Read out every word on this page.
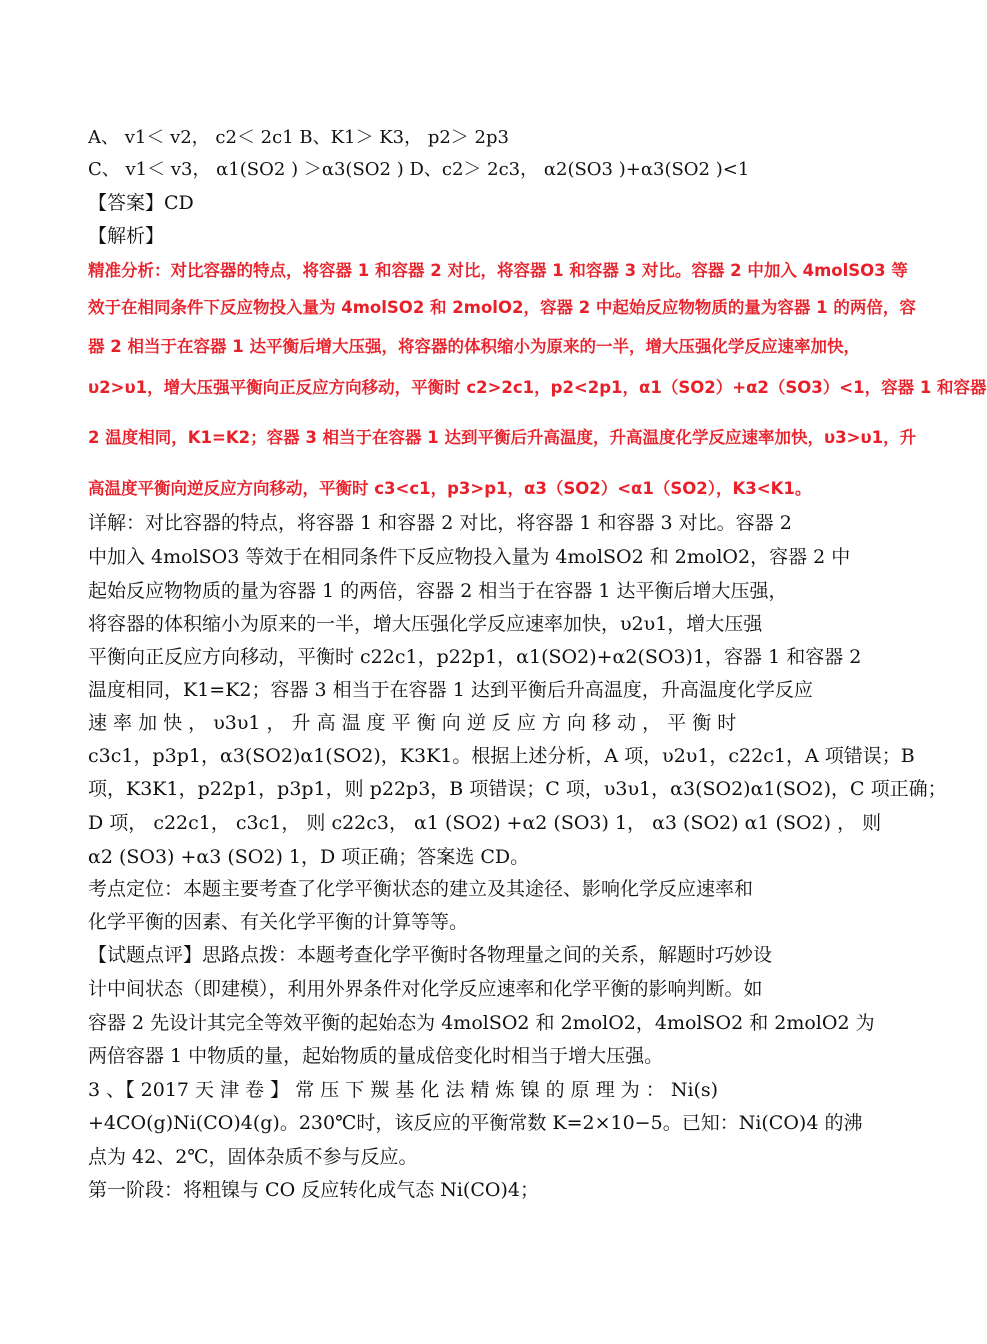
A、 v1＜ v2， c2＜ 2c1 B、K1＞ K3， p2＞ 2p3
C、 v1＜ v3， α1(SO2 ) ＞α3(SO2 ) D、c2＞ 2c3， α2(SO3 )+α3(SO2 )<1
【答案】CD
【解析】
精准分析：对比容器的特点，将容器 1 和容器 2 对比，将容器 1 和容器 3 对比。容器 2 中加入 4molSO3 等
效于在相同条件下反应物投入量为 4molSO2 和 2molO2，容器 2 中起始反应物物质的量为容器 1 的两倍，容
器 2 相当于在容器 1 达平衡后增大压强，将容器的体积缩小为原来的一半，增大压强化学反应速率加快，
υ2>υ1，增大压强平衡向正反应方向移动，平衡时 c2>2c1，p2<2p1，α1（SO2）+α2（SO3）<1，容器 1 和容器
2 温度相同，K1=K2；容器 3 相当于在容器 1 达到平衡后升高温度，升高温度化学反应速率加快，υ3>υ1，升
高温度平衡向逆反应方向移动，平衡时 c3<c1，p3>p1，α3（SO2）<α1（SO2），K3<K1。
详解：对比容器的特点，将容器 1 和容器 2 对比，将容器 1 和容器 3 对比。容器 2
中加入 4molSO3 等效于在相同条件下反应物投入量为 4molSO2 和 2molO2，容器 2 中
起始反应物物质的量为容器 1 的两倍，容器 2 相当于在容器 1 达平衡后增大压强，
将容器的体积缩小为原来的一半，增大压强化学反应速率加快，υ2υ1，增大压强
平衡向正反应方向移动，平衡时 c22c1，p22p1，α1(SO2)+α2(SO3)1，容器 1 和容器 2
温度相同，K1=K2；容器 3 相当于在容器 1 达到平衡后升高温度，升高温度化学反应
速 率 加 快 ， υ3υ1 ， 升 高 温 度 平 衡 向 逆 反 应 方 向 移 动 ， 平 衡 时
c3c1，p3p1，α3(SO2)α1(SO2)，K3K1。根据上述分析，A 项，υ2υ1，c22c1，A 项错误；B
项，K3K1，p22p1，p3p1，则 p22p3，B 项错误；C 项，υ3υ1，α3(SO2)α1(SO2)，C 项正确；
D 项， c22c1， c3c1， 则 c22c3， α1 (SO2) +α2 (SO3) 1， α3 (SO2) α1 (SO2) ， 则
α2 (SO3) +α3 (SO2) 1，D 项正确；答案选 CD。
考点定位：本题主要考查了化学平衡状态的建立及其途径、影响化学反应速率和
化学平衡的因素、有关化学平衡的计算等等。
【试题点评】思路点拨：本题考查化学平衡时各物理量之间的关系，解题时巧妙设
计中间状态（即建模），利用外界条件对化学反应速率和化学平衡的影响判断。如
容器 2 先设计其完全等效平衡的起始态为 4molSO2 和 2molO2，4molSO2 和 2molO2 为
两倍容器 1 中物质的量，起始物质的量成倍变化时相当于增大压强。
3 、【 2017 天 津 卷 】 常 压 下 羰 基 化 法 精 炼 镍 的 原 理 为 ： Ni(s)
+4CO(g)Ni(CO)4(g)。230℃时，该反应的平衡常数 K=2×10−5。已知：Ni(CO)4 的沸
点为 42、2℃，固体杂质不参与反应。
第一阶段：将粗镍与 CO 反应转化成气态 Ni(CO)4；
